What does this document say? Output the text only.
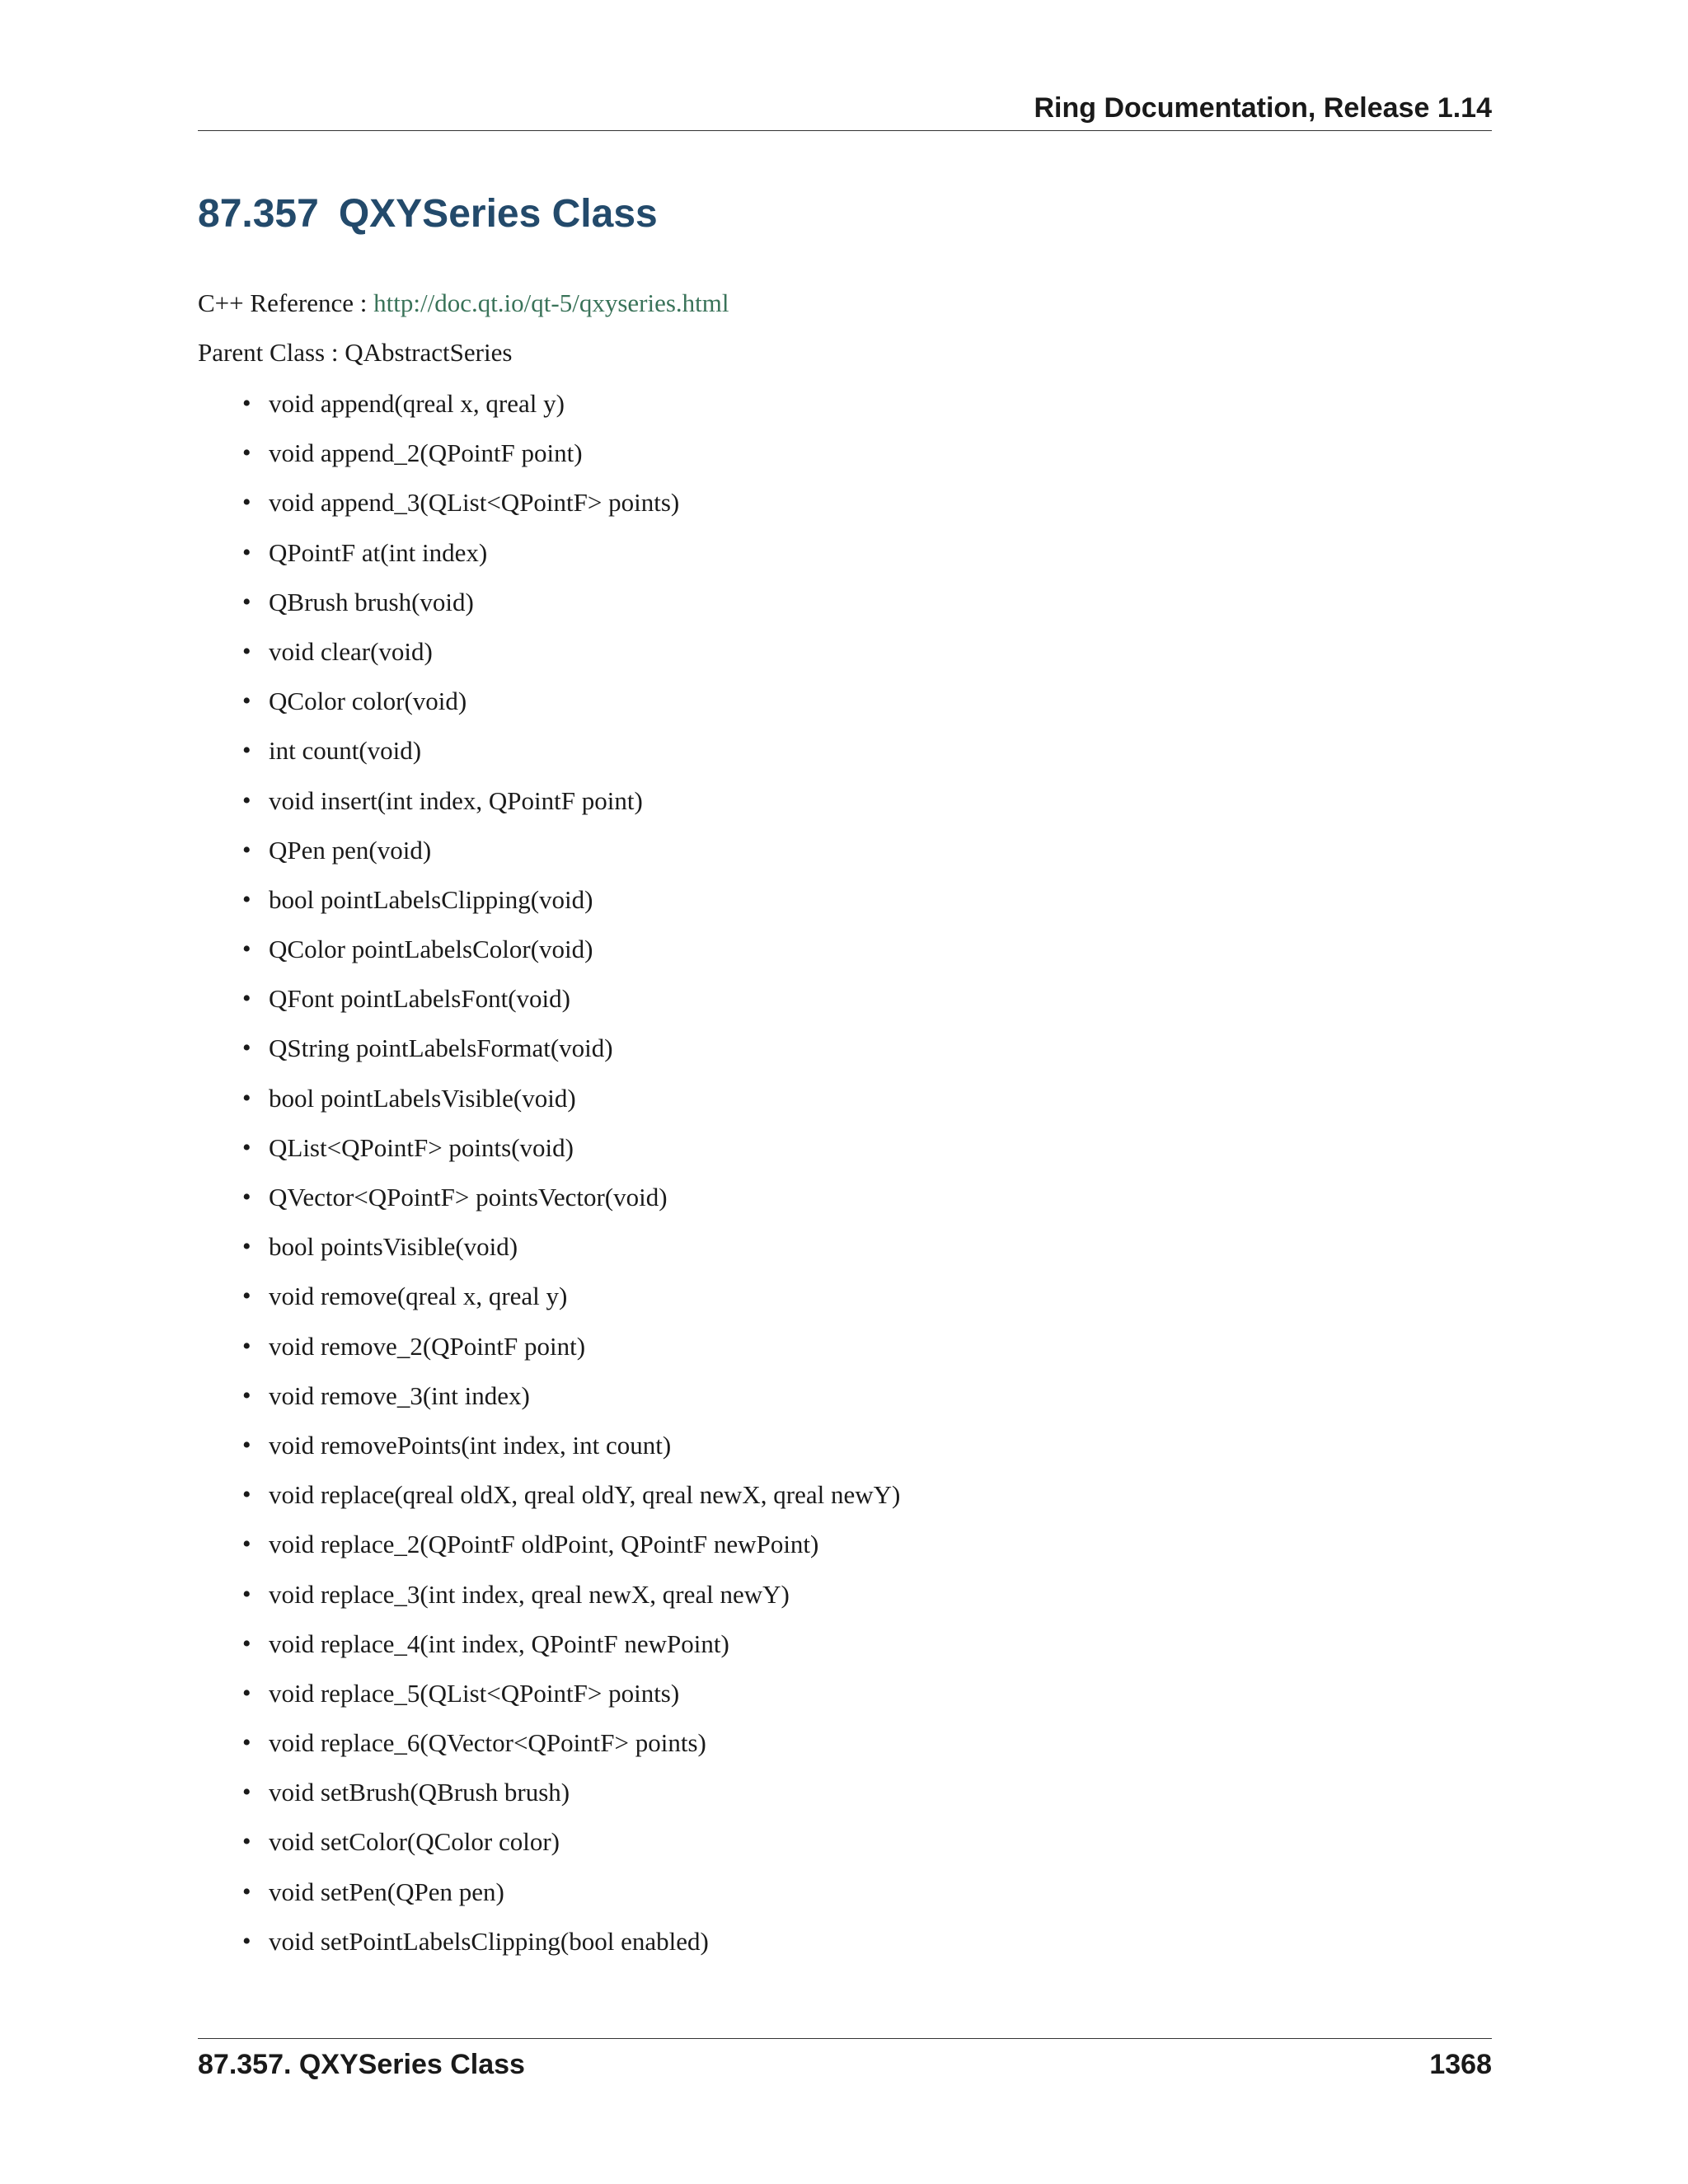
Ring Documentation, Release 1.14
87.357 QXYSeries Class
C++ Reference : http://doc.qt.io/qt-5/qxyseries.html
Parent Class : QAbstractSeries
• void append(qreal x, qreal y)
• void append_2(QPointF point)
• void append_3(QList<QPointF> points)
• QPointF at(int index)
• QBrush brush(void)
• void clear(void)
• QColor color(void)
• int count(void)
• void insert(int index, QPointF point)
• QPen pen(void)
• bool pointLabelsClipping(void)
• QColor pointLabelsColor(void)
• QFont pointLabelsFont(void)
• QString pointLabelsFormat(void)
• bool pointLabelsVisible(void)
• QList<QPointF> points(void)
• QVector<QPointF> pointsVector(void)
• bool pointsVisible(void)
• void remove(qreal x, qreal y)
• void remove_2(QPointF point)
• void remove_3(int index)
• void removePoints(int index, int count)
• void replace(qreal oldX, qreal oldY, qreal newX, qreal newY)
• void replace_2(QPointF oldPoint, QPointF newPoint)
• void replace_3(int index, qreal newX, qreal newY)
• void replace_4(int index, QPointF newPoint)
• void replace_5(QList<QPointF> points)
• void replace_6(QVector<QPointF> points)
• void setBrush(QBrush brush)
• void setColor(QColor color)
• void setPen(QPen pen)
• void setPointLabelsClipping(bool enabled)
87.357. QXYSeries Class	1368
